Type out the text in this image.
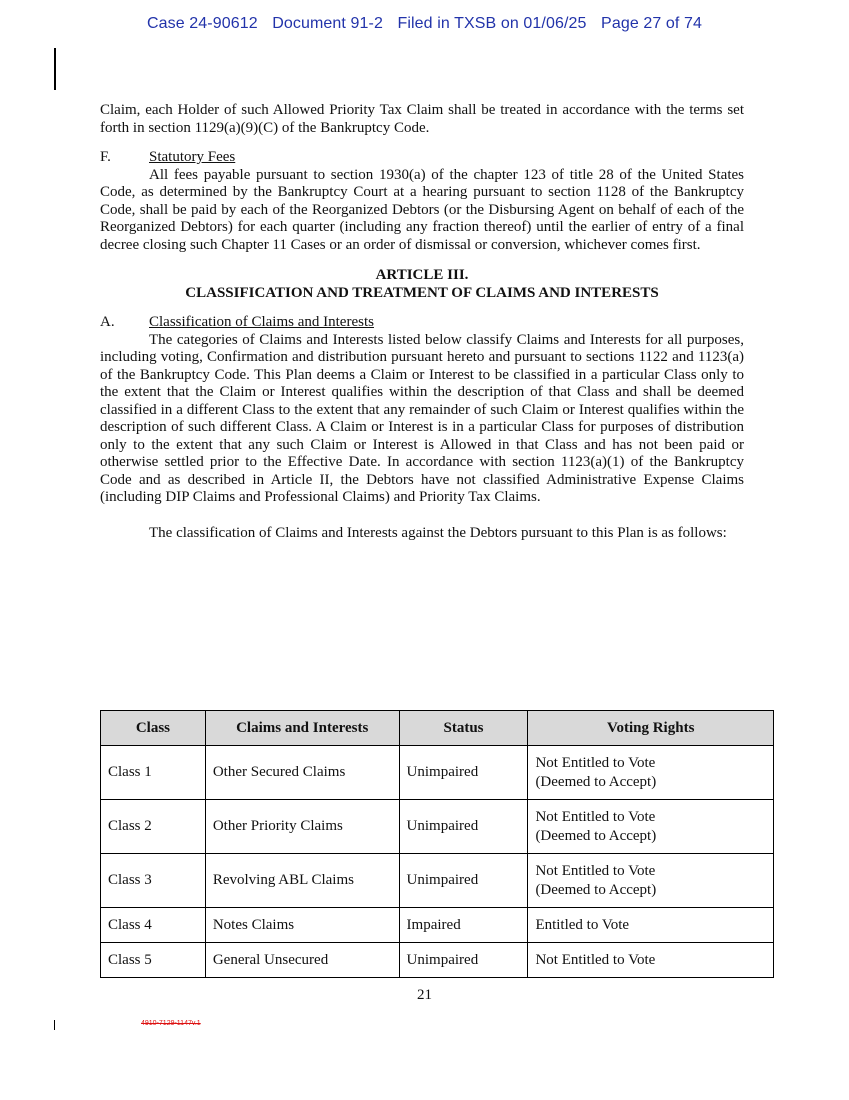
Case 24-90612 Document 91-2 Filed in TXSB on 01/06/25 Page 27 of 74

Claim, each Holder of such Allowed Priority Tax Claim shall be treated in accordance with the terms set forth in section 1129(a)(9)(C) of the Bankruptcy Code.

F.	Statutory Fees

All fees payable pursuant to section 1930(a) of the chapter 123 of title 28 of the United States Code, as determined by the Bankruptcy Court at a hearing pursuant to section 1128 of the Bankruptcy Code, shall be paid by each of the Reorganized Debtors (or the Disbursing Agent on behalf of each of the Reorganized Debtors) for each quarter (including any fraction thereof) until the earlier of entry of a final decree closing such Chapter 11 Cases or an order of dismissal or conversion, whichever comes first.

ARTICLE III.
CLASSIFICATION AND TREATMENT OF CLAIMS AND INTERESTS
A.	Classification of Claims and Interests

The categories of Claims and Interests listed below classify Claims and Interests for all purposes, including voting, Confirmation and distribution pursuant hereto and pursuant to sections 1122 and 1123(a) of the Bankruptcy Code. This Plan deems a Claim or Interest to be classified in a particular Class only to the extent that the Claim or Interest qualifies within the description of that Class and shall be deemed classified in a different Class to the extent that any remainder of such Claim or Interest qualifies within the description of such different Class. A Claim or Interest is in a particular Class for purposes of distribution only to the extent that any such Claim or Interest is Allowed in that Class and has not been paid or otherwise settled prior to the Effective Date. In accordance with section 1123(a)(1) of the Bankruptcy Code and as described in Article II, the Debtors have not classified Administrative Expense Claims (including DIP Claims and Professional Claims) and Priority Tax Claims.

The classification of Claims and Interests against the Debtors pursuant to this Plan is as follows:

Class	Claims and Interests	Status	Voting Rights
Class 1	Other Secured Claims	Unimpaired	Not Entitled to Vote
(Deemed to Accept)

Class 2	Other Priority Claims	Unimpaired	Not Entitled to Vote
(Deemed to Accept)

Class 3	Revolving ABL Claims	Unimpaired	Not Entitled to Vote
(Deemed to Accept)

Class 4	Notes Claims	Impaired	Entitled to Vote
Class 5	General Unsecured	Unimpaired	Not Entitled to Vote
21
4910-7129-1147v.1
